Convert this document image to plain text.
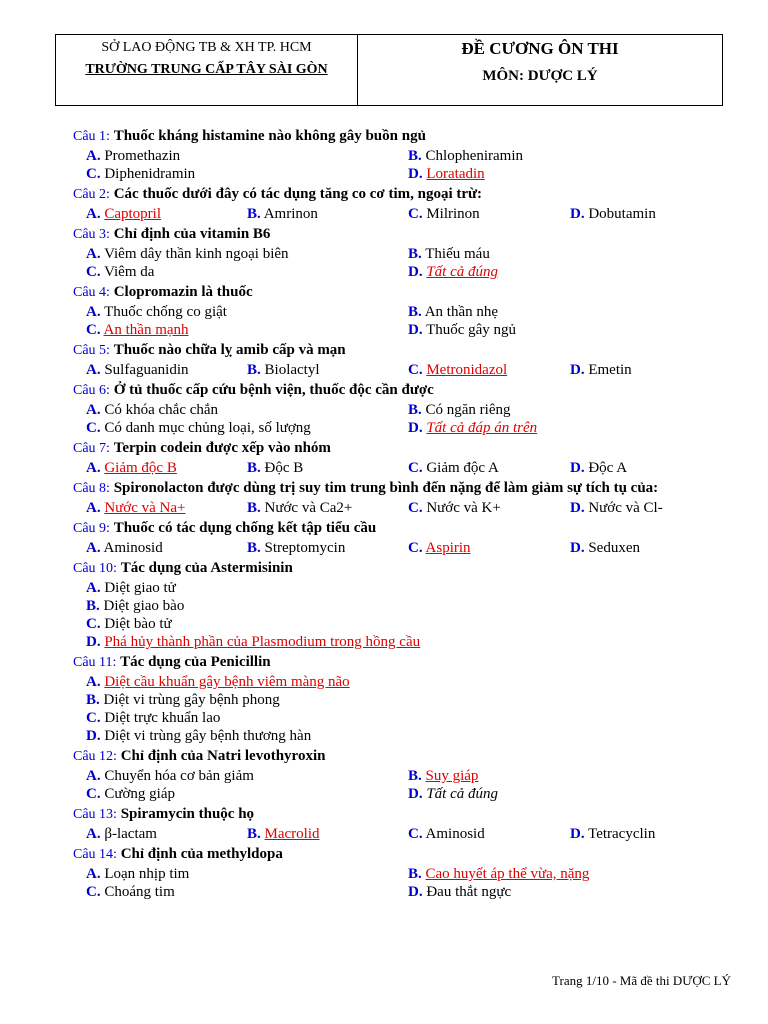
SỞ LAO ĐỘNG TB & XH TP. HCM
TRƯỜNG TRUNG CẤP TÂY SÀI GÒN
ĐỀ CƯƠNG ÔN THI
MÔN: DƯỢC LÝ
Câu 1: Thuốc kháng histamine nào không gây buồn ngủ
A. Promethazin	B. Chlopheniramin
C. Diphenidramin	D. Loratadin
Câu 2: Các thuốc dưới đây có tác dụng tăng co cơ tim, ngoại trừ:
A. Captopril	B. Amrinon	C. Milrinon	D. Dobutamin
Câu 3: Chỉ định của vitamin B6
A. Viêm dây thần kinh ngoại biên	B. Thiếu máu
C. Viêm da	D. Tất cả đúng
Câu 4: Clopromazin là thuốc
A. Thuốc chống co giật	B. An thần nhẹ
C. An thần mạnh	D. Thuốc gây ngủ
Câu 5: Thuốc nào chữa lỵ amib cấp và mạn
A. Sulfaguanidin	B. Biolactyl	C. Metronidazol	D. Emetin
Câu 6: Ở tủ thuốc cấp cứu bệnh viện, thuốc độc cần được
A. Có khóa chắc chắn	B. Có ngăn riêng
C. Có danh mục chủng loại, số lượng	D. Tất cả đáp án trên
Câu 7: Terpin codein được xếp vào nhóm
A. Giảm độc B	B. Độc B	C. Giảm độc A	D. Độc A
Câu 8: Spironolacton được dùng trị suy tim trung bình đến nặng để làm giảm sự tích tụ của:
A. Nước và Na+	B. Nước và Ca2+	C. Nước và K+	D. Nước và Cl-
Câu 9: Thuốc có tác dụng chống kết tập tiểu cầu
A. Aminosid	B. Streptomycin	C. Aspirin	D. Seduxen
Câu 10: Tác dụng của Astermisinin
A. Diệt giao tử
B. Diệt giao bào
C. Diệt bào tử
D. Phá hủy thành phần của Plasmodium trong hồng cầu
Câu 11: Tác dụng của Penicillin
A. Diệt cầu khuẩn gây bệnh viêm màng não
B. Diệt vi trùng gây bệnh phong
C. Diệt trực khuẩn lao
D. Diệt vi trùng gây bệnh thương hàn
Câu 12: Chỉ định của Natri levothyroxin
A. Chuyển hóa cơ bản giảm	B. Suy giáp
C. Cường giáp	D. Tất cả đúng
Câu 13: Spiramycin thuộc họ
A. β-lactam	B. Macrolid	C. Aminosid	D. Tetracyclin
Câu 14: Chỉ định của methyldopa
A. Loạn nhịp tim	B. Cao huyết áp thể vừa, nặng
C. Choáng tim	D. Đau thắt ngực
Trang 1/10 - Mã đề thi DƯỢC LÝ
